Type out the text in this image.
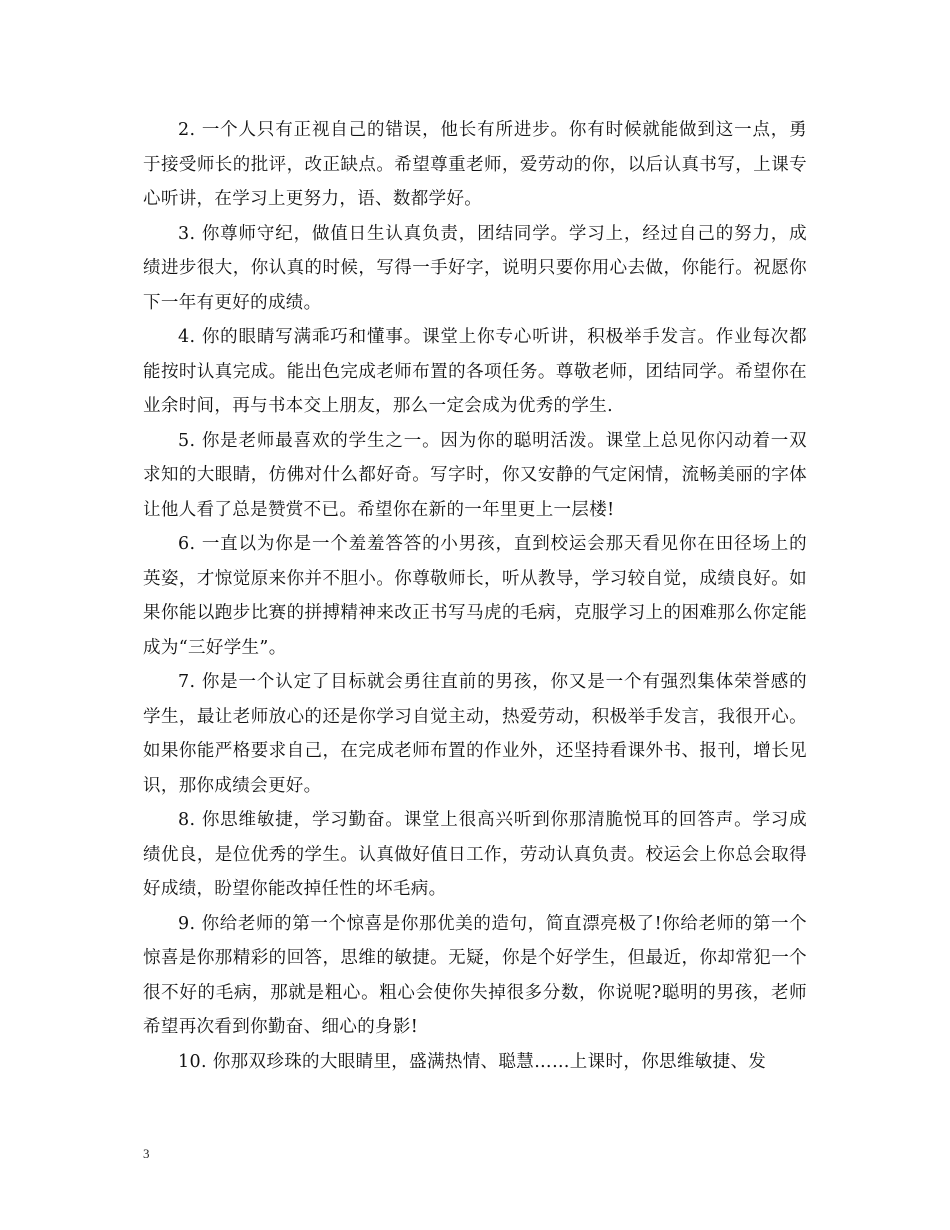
2. 一个人只有正视自己的错误，他长有所进步。你有时候就能做到这一点，勇于接受师长的批评，改正缺点。希望尊重老师，爱劳动的你，以后认真书写，上课专心听讲，在学习上更努力，语、数都学好。

3. 你尊师守纪，做值日生认真负责，团结同学。学习上，经过自己的努力，成绩进步很大，你认真的时候，写得一手好字，说明只要你用心去做，你能行。祝愿你下一年有更好的成绩。

4. 你的眼睛写满乖巧和懂事。课堂上你专心听讲，积极举手发言。作业每次都能按时认真完成。能出色完成老师布置的各项任务。尊敬老师，团结同学。希望你在业余时间，再与书本交上朋友，那么一定会成为优秀的学生.

5. 你是老师最喜欢的学生之一。因为你的聪明活泼。课堂上总见你闪动着一双求知的大眼睛，仿佛对什么都好奇。写字时，你又安静的气定闲情，流畅美丽的字体让他人看了总是赞赏不已。希望你在新的一年里更上一层楼!

6. 一直以为你是一个羞羞答答的小男孩，直到校运会那天看见你在田径场上的英姿，才惊觉原来你并不胆小。你尊敬师长，听从教导，学习较自觉，成绩良好。如果你能以跑步比赛的拼搏精神来改正书写马虎的毛病，克服学习上的困难那么你定能成为“三好学生”。

7. 你是一个认定了目标就会勇往直前的男孩，你又是一个有强烈集体荣誉感的学生，最让老师放心的还是你学习自觉主动，热爱劳动，积极举手发言，我很开心。如果你能严格要求自己，在完成老师布置的作业外，还坚持看课外书、报刊，增长见识，那你成绩会更好。

8. 你思维敏捷，学习勤奋。课堂上很高兴听到你那清脆悦耳的回答声。学习成绩优良，是位优秀的学生。认真做好值日工作，劳动认真负责。校运会上你总会取得好成绩，盼望你能改掉任性的坏毛病。

9. 你给老师的第一个惊喜是你那优美的造句，简直漂亮极了!你给老师的第一个惊喜是你那精彩的回答，思维的敏捷。无疑，你是个好学生，但最近，你却常犯一个很不好的毛病，那就是粗心。粗心会使你失掉很多分数，你说呢?聪明的男孩，老师希望再次看到你勤奋、细心的身影!

10. 你那双珍珠的大眼睛里，盛满热情、聪慧……上课时，你思维敏捷、发

3
